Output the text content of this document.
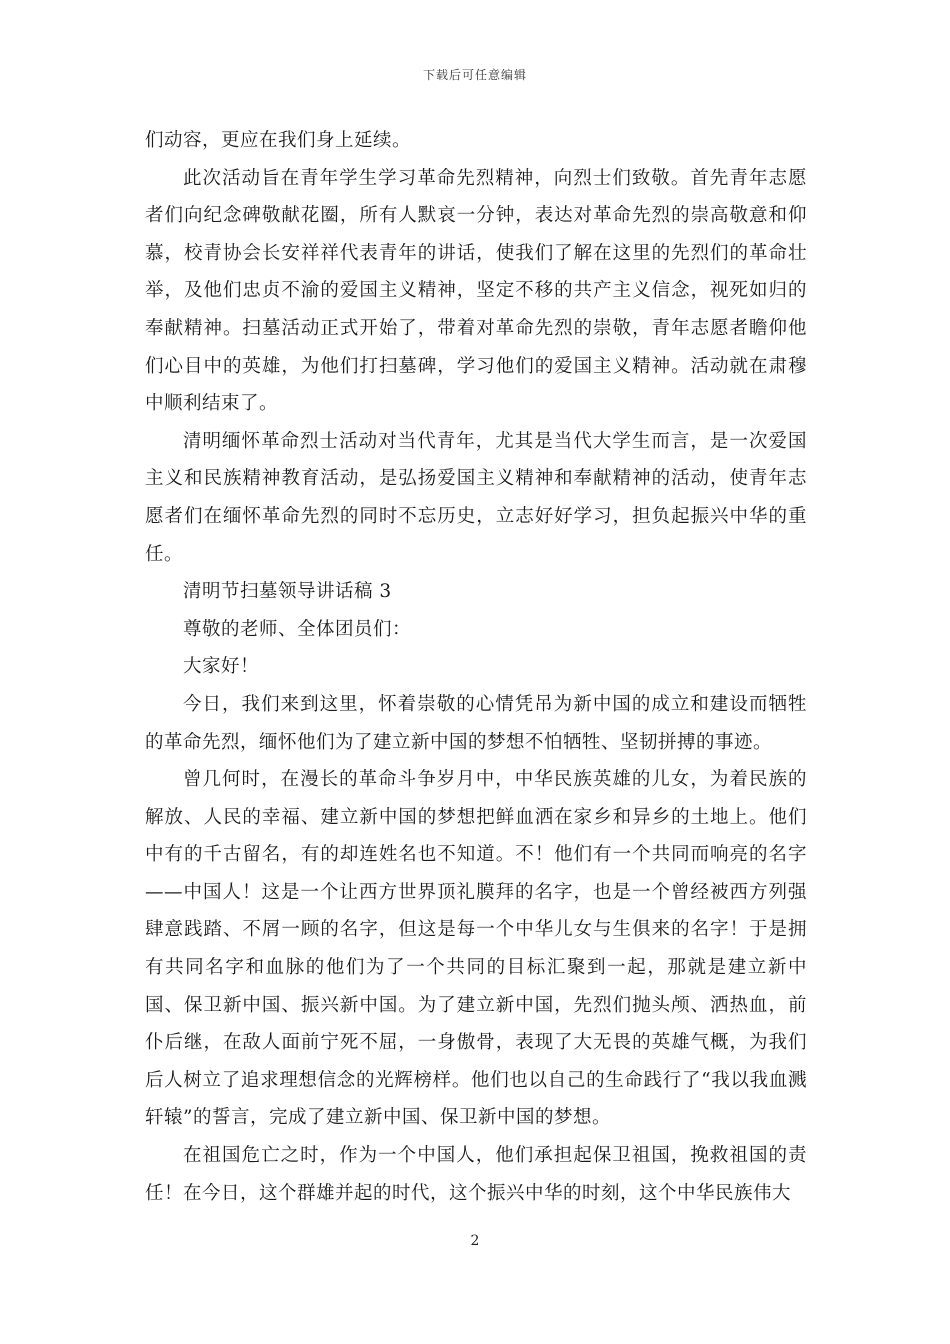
下载后可任意编辑

们动容，更应在我们身上延续。

此次活动旨在青年学生学习革命先烈精神，向烈士们致敬。首先青年志愿者们向纪念碑敬献花圈，所有人默哀一分钟，表达对革命先烈的崇高敬意和仰慕，校青协会长安祥祥代表青年的讲话，使我们了解在这里的先烈们的革命壮举，及他们忠贞不渝的爱国主义精神，坚定不移的共产主义信念，视死如归的奉献精神。扫墓活动正式开始了，带着对革命先烈的崇敬，青年志愿者瞻仰他们心目中的英雄，为他们打扫墓碑，学习他们的爱国主义精神。活动就在肃穆中顺利结束了。

清明缅怀革命烈士活动对当代青年，尤其是当代大学生而言，是一次爱国主义和民族精神教育活动，是弘扬爱国主义精神和奉献精神的活动，使青年志愿者们在缅怀革命先烈的同时不忘历史，立志好好学习，担负起振兴中华的重任。

清明节扫墓领导讲话稿 3

尊敬的老师、全体团员们：

大家好！

今日，我们来到这里，怀着崇敬的心情凭吊为新中国的成立和建设而牺牲的革命先烈，缅怀他们为了建立新中国的梦想不怕牺牲、坚韧拼搏的事迹。

曾几何时，在漫长的革命斗争岁月中，中华民族英雄的儿女，为着民族的解放、人民的幸福、建立新中国的梦想把鲜血洒在家乡和异乡的土地上。他们中有的千古留名，有的却连姓名也不知道。不！他们有一个共同而响亮的名字——中国人！这是一个让西方世界顶礼膜拜的名字，也是一个曾经被西方列强肆意践踏、不屑一顾的名字，但这是每一个中华儿女与生俱来的名字！于是拥有共同名字和血脉的他们为了一个共同的目标汇聚到一起，那就是建立新中国、保卫新中国、振兴新中国。为了建立新中国，先烈们抛头颅、洒热血，前仆后继，在敌人面前宁死不屈，一身傲骨，表现了大无畏的英雄气概，为我们后人树立了追求理想信念的光辉榜样。他们也以自己的生命践行了“我以我血溅轩辕”的誓言，完成了建立新中国、保卫新中国的梦想。

在祖国危亡之时，作为一个中国人，他们承担起保卫祖国，挽救祖国的责任！在今日，这个群雄并起的时代，这个振兴中华的时刻，这个中华民族伟大

2
